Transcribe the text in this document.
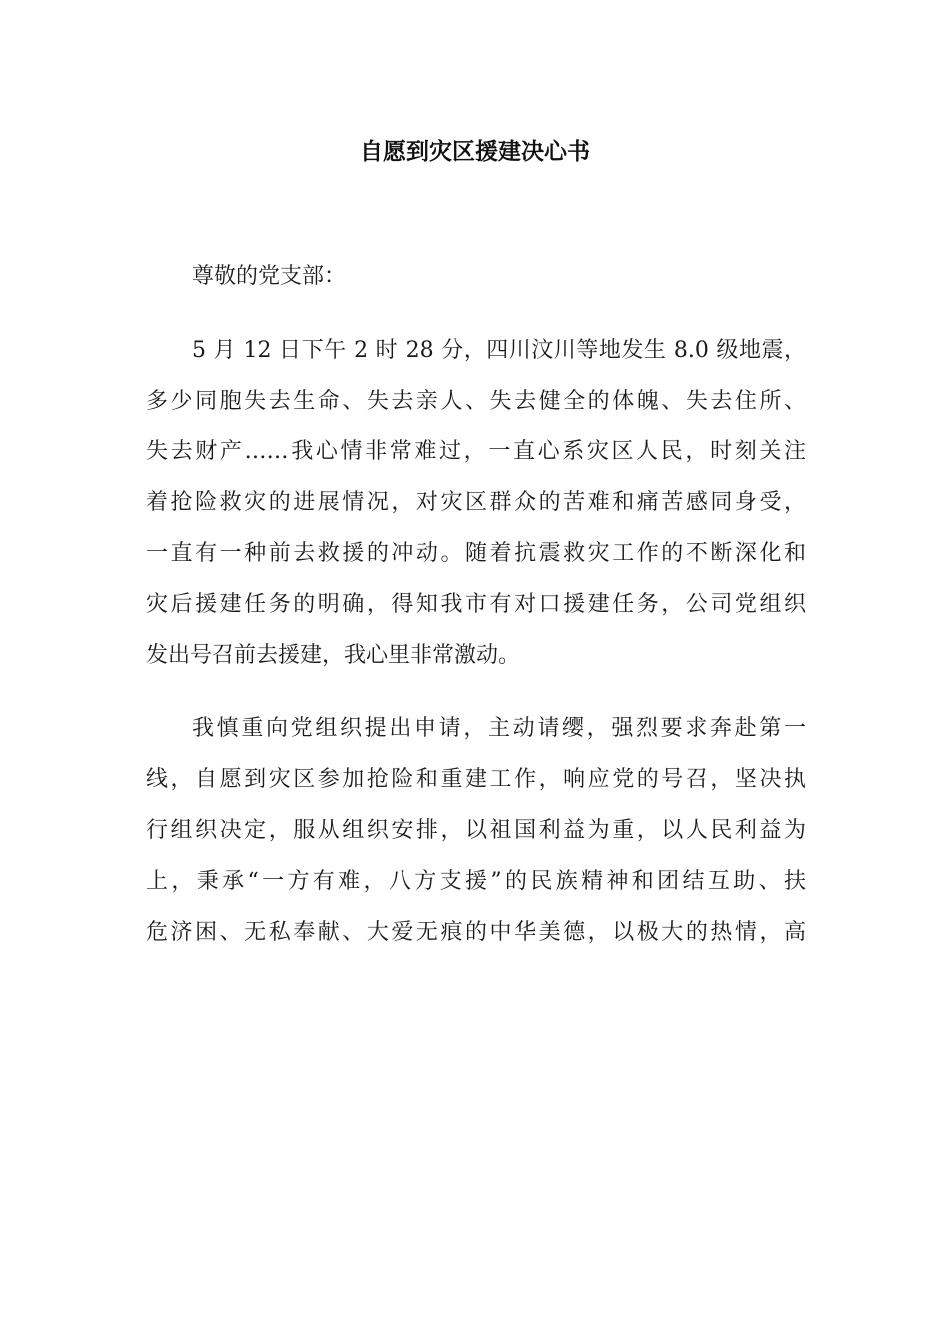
自愿到灾区援建决心书
尊敬的党支部：
5 月 12 日下午 2 时 28 分，四川汶川等地发生 8.0 级地震，
多少同胞失去生命、失去亲人、失去健全的体魄、失去住所、
失去财产……我心情非常难过，一直心系灾区人民，时刻关注
着抢险救灾的进展情况，对灾区群众的苦难和痛苦感同身受，
一直有一种前去救援的冲动。随着抗震救灾工作的不断深化和
灾后援建任务的明确，得知我市有对口援建任务，公司党组织
发出号召前去援建，我心里非常激动。
我慎重向党组织提出申请，主动请缨，强烈要求奔赴第一
线，自愿到灾区参加抢险和重建工作，响应党的号召，坚决执
行组织决定，服从组织安排，以祖国利益为重，以人民利益为
上，秉承“一方有难，八方支援”的民族精神和团结互助、扶
危济困、无私奉献、大爱无痕的中华美德，以极大的热情，高
